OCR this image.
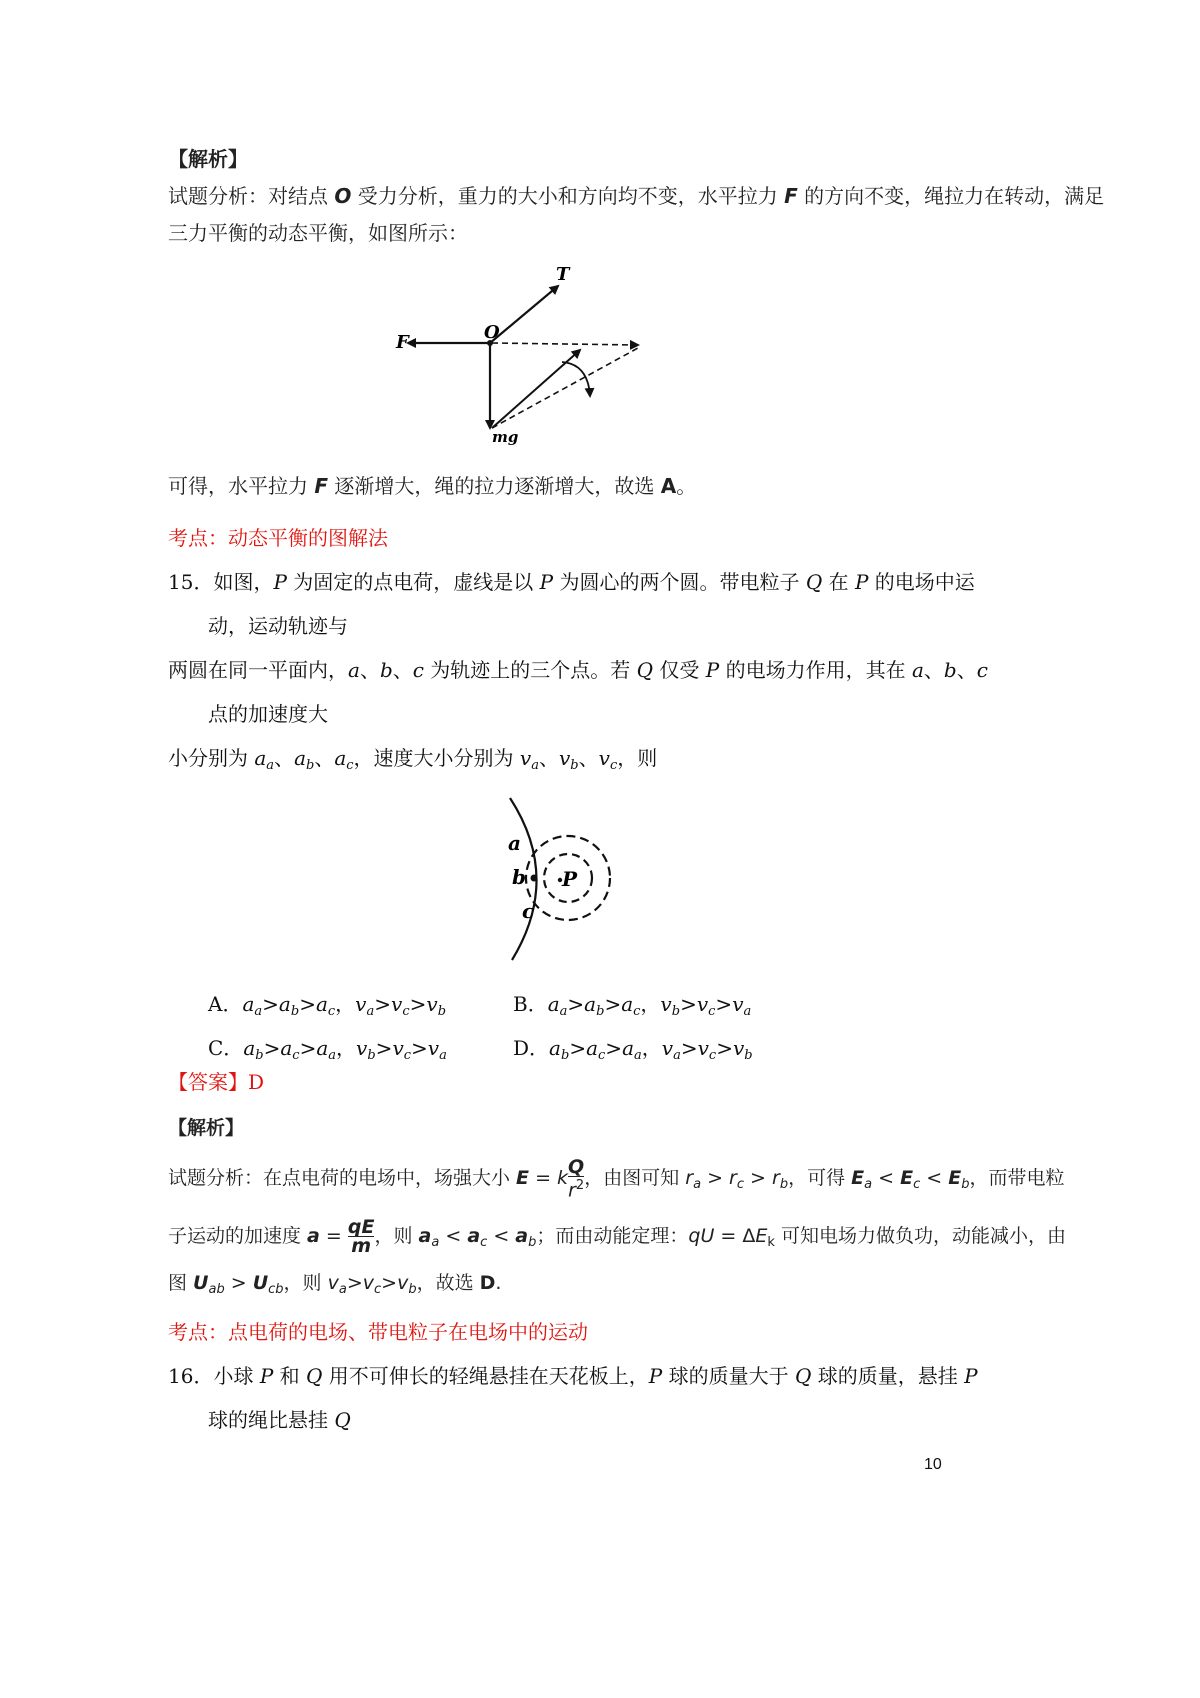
【解析】
试题分析：对结点 O 受力分析，重力的大小和方向均不变，水平拉力 F 的方向不变，绳拉力在转动，满足
三力平衡的动态平衡，如图所示：
T
O
F
mg
可得，水平拉力 F 逐渐增大，绳的拉力逐渐增大，故选 A。
考点：动态平衡的图解法
15．如图，P 为固定的点电荷，虚线是以 P 为圆心的两个圆。带电粒子 Q 在 P 的电场中运
动，运动轨迹与
两圆在同一平面内，a、b、c 为轨迹上的三个点。若 Q 仅受 P 的电场力作用，其在 a、b、c
点的加速度大
小分别为 $a_a$、$a_b$、$a_c$，速度大小分别为 $v_a$、$v_b$、$v_c$，则
a
b
c
P
A．$a_a>a_b>a_c$，$v_a>v_c>v_b$	B．$a_a>a_b>a_c$，$v_b>v_c>v_a$
C．$a_b>a_c>a_a$，$v_b>v_c>v_a$	D．$a_b>a_c>a_a$，$v_a>v_c>v_b$
【答案】D
【解析】
试题分析：在点电荷的电场中，场强大小 E = k $\frac{Q}{r^2}$ ，由图可知 $r_a > r_c > r_b$，可得 $E_a < E_c < E_b$，而带电粒
子运动的加速度 $a = \frac{qE}{m}$ ，则 $a_a < a_c < a_b$；而由动能定理：qU = $\Delta E_k$ 可知电场力做负功，动能减小，由
图 $U_{ab} > U_{cb}$，则 $v_a>v_c>v_b$，故选 D.
考点：点电荷的电场、带电粒子在电场中的运动
16．小球 P 和 Q 用不可伸长的轻绳悬挂在天花板上，P 球的质量大于 Q 球的质量，悬挂 P
球的绳比悬挂 Q
10
